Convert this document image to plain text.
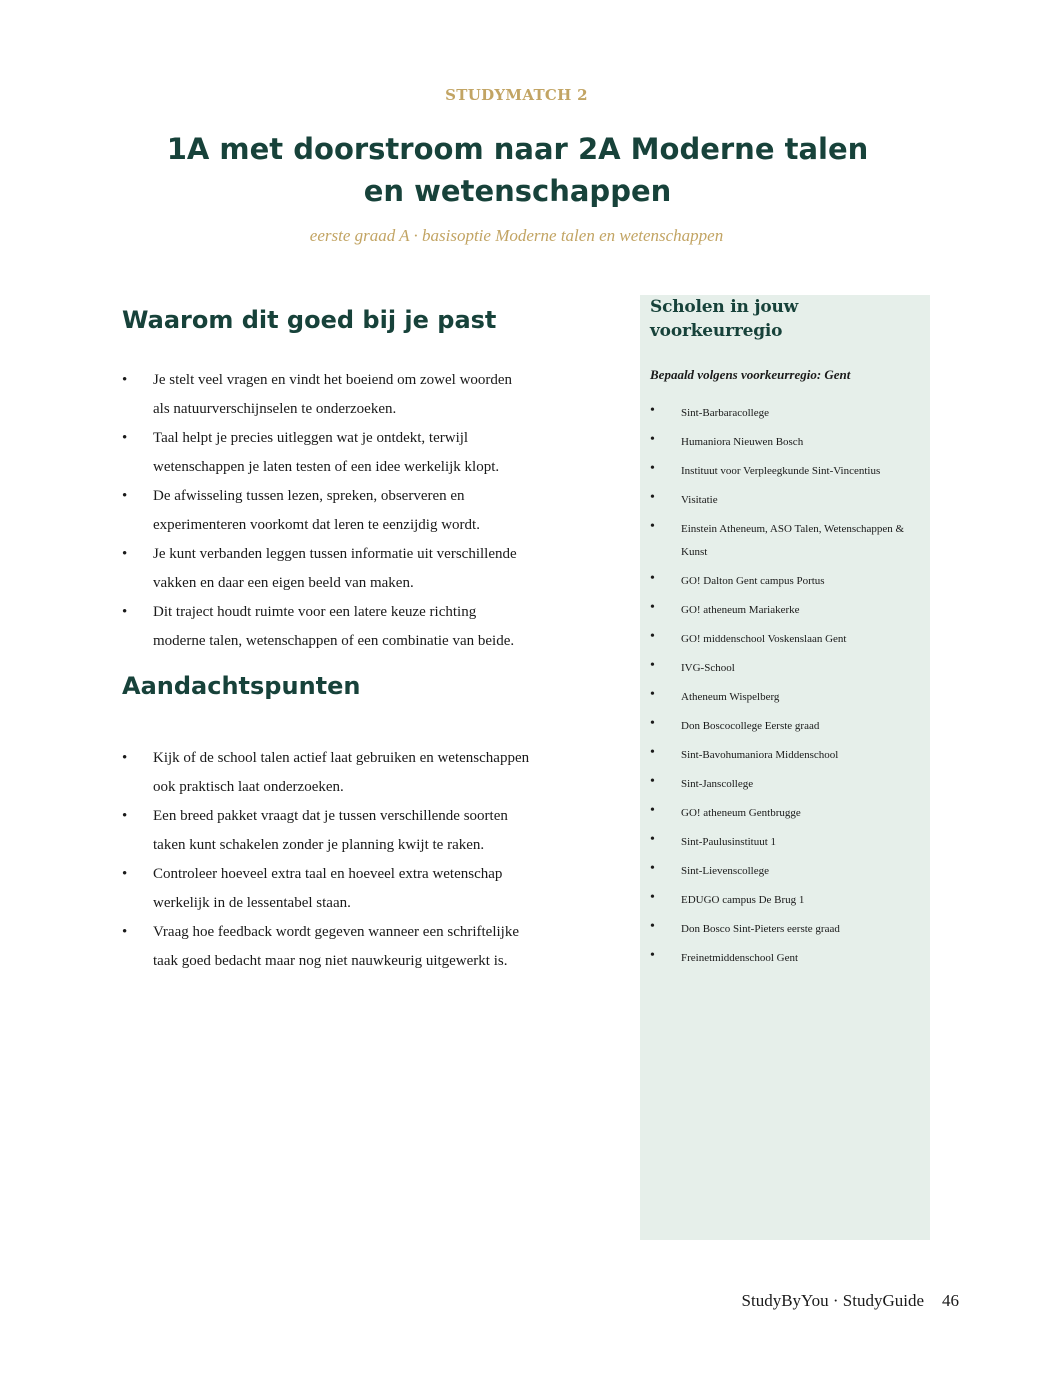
STUDYMATCH 2
1A met doorstroom naar 2A Moderne talen en wetenschappen
eerste graad A · basisoptie Moderne talen en wetenschappen
Waarom dit goed bij je past
• Je stelt veel vragen en vindt het boeiend om zowel woorden als natuurverschijnselen te onderzoeken.
• Taal helpt je precies uitleggen wat je ontdekt, terwijl wetenschappen je laten testen of een idee werkelijk klopt.
• De afwisseling tussen lezen, spreken, observeren en experimenteren voorkomt dat leren te eenzijdig wordt.
• Je kunt verbanden leggen tussen informatie uit verschillende vakken en daar een eigen beeld van maken.
• Dit traject houdt ruimte voor een latere keuze richting moderne talen, wetenschappen of een combinatie van beide.
Aandachtspunten
• Kijk of de school talen actief laat gebruiken en wetenschappen ook praktisch laat onderzoeken.
• Een breed pakket vraagt dat je tussen verschillende soorten taken kunt schakelen zonder je planning kwijt te raken.
• Controleer hoeveel extra taal en hoeveel extra wetenschap werkelijk in de lessentabel staan.
• Vraag hoe feedback wordt gegeven wanneer een schriftelijke taak goed bedacht maar nog niet nauwkeurig uitgewerkt is.
Scholen in jouw voorkeurregio
Bepaald volgens voorkeurregio: Gent
• Sint-Barbaracollege
• Humaniora Nieuwen Bosch
• Instituut voor Verpleegkunde Sint-Vincentius
• Visitatie
• Einstein Atheneum, ASO Talen, Wetenschappen & Kunst
• GO! Dalton Gent campus Portus
• GO! atheneum Mariakerke
• GO! middenschool Voskenslaan Gent
• IVG-School
• Atheneum Wispelberg
• Don Boscocollege Eerste graad
• Sint-Bavohumaniora Middenschool
• Sint-Janscollege
• GO! atheneum Gentbrugge
• Sint-Paulusinstituut 1
• Sint-Lievenscollege
• EDUGO campus De Brug 1
• Don Bosco Sint-Pieters eerste graad
• Freinetmiddenschool Gent
StudyByYou · StudyGuide 46
